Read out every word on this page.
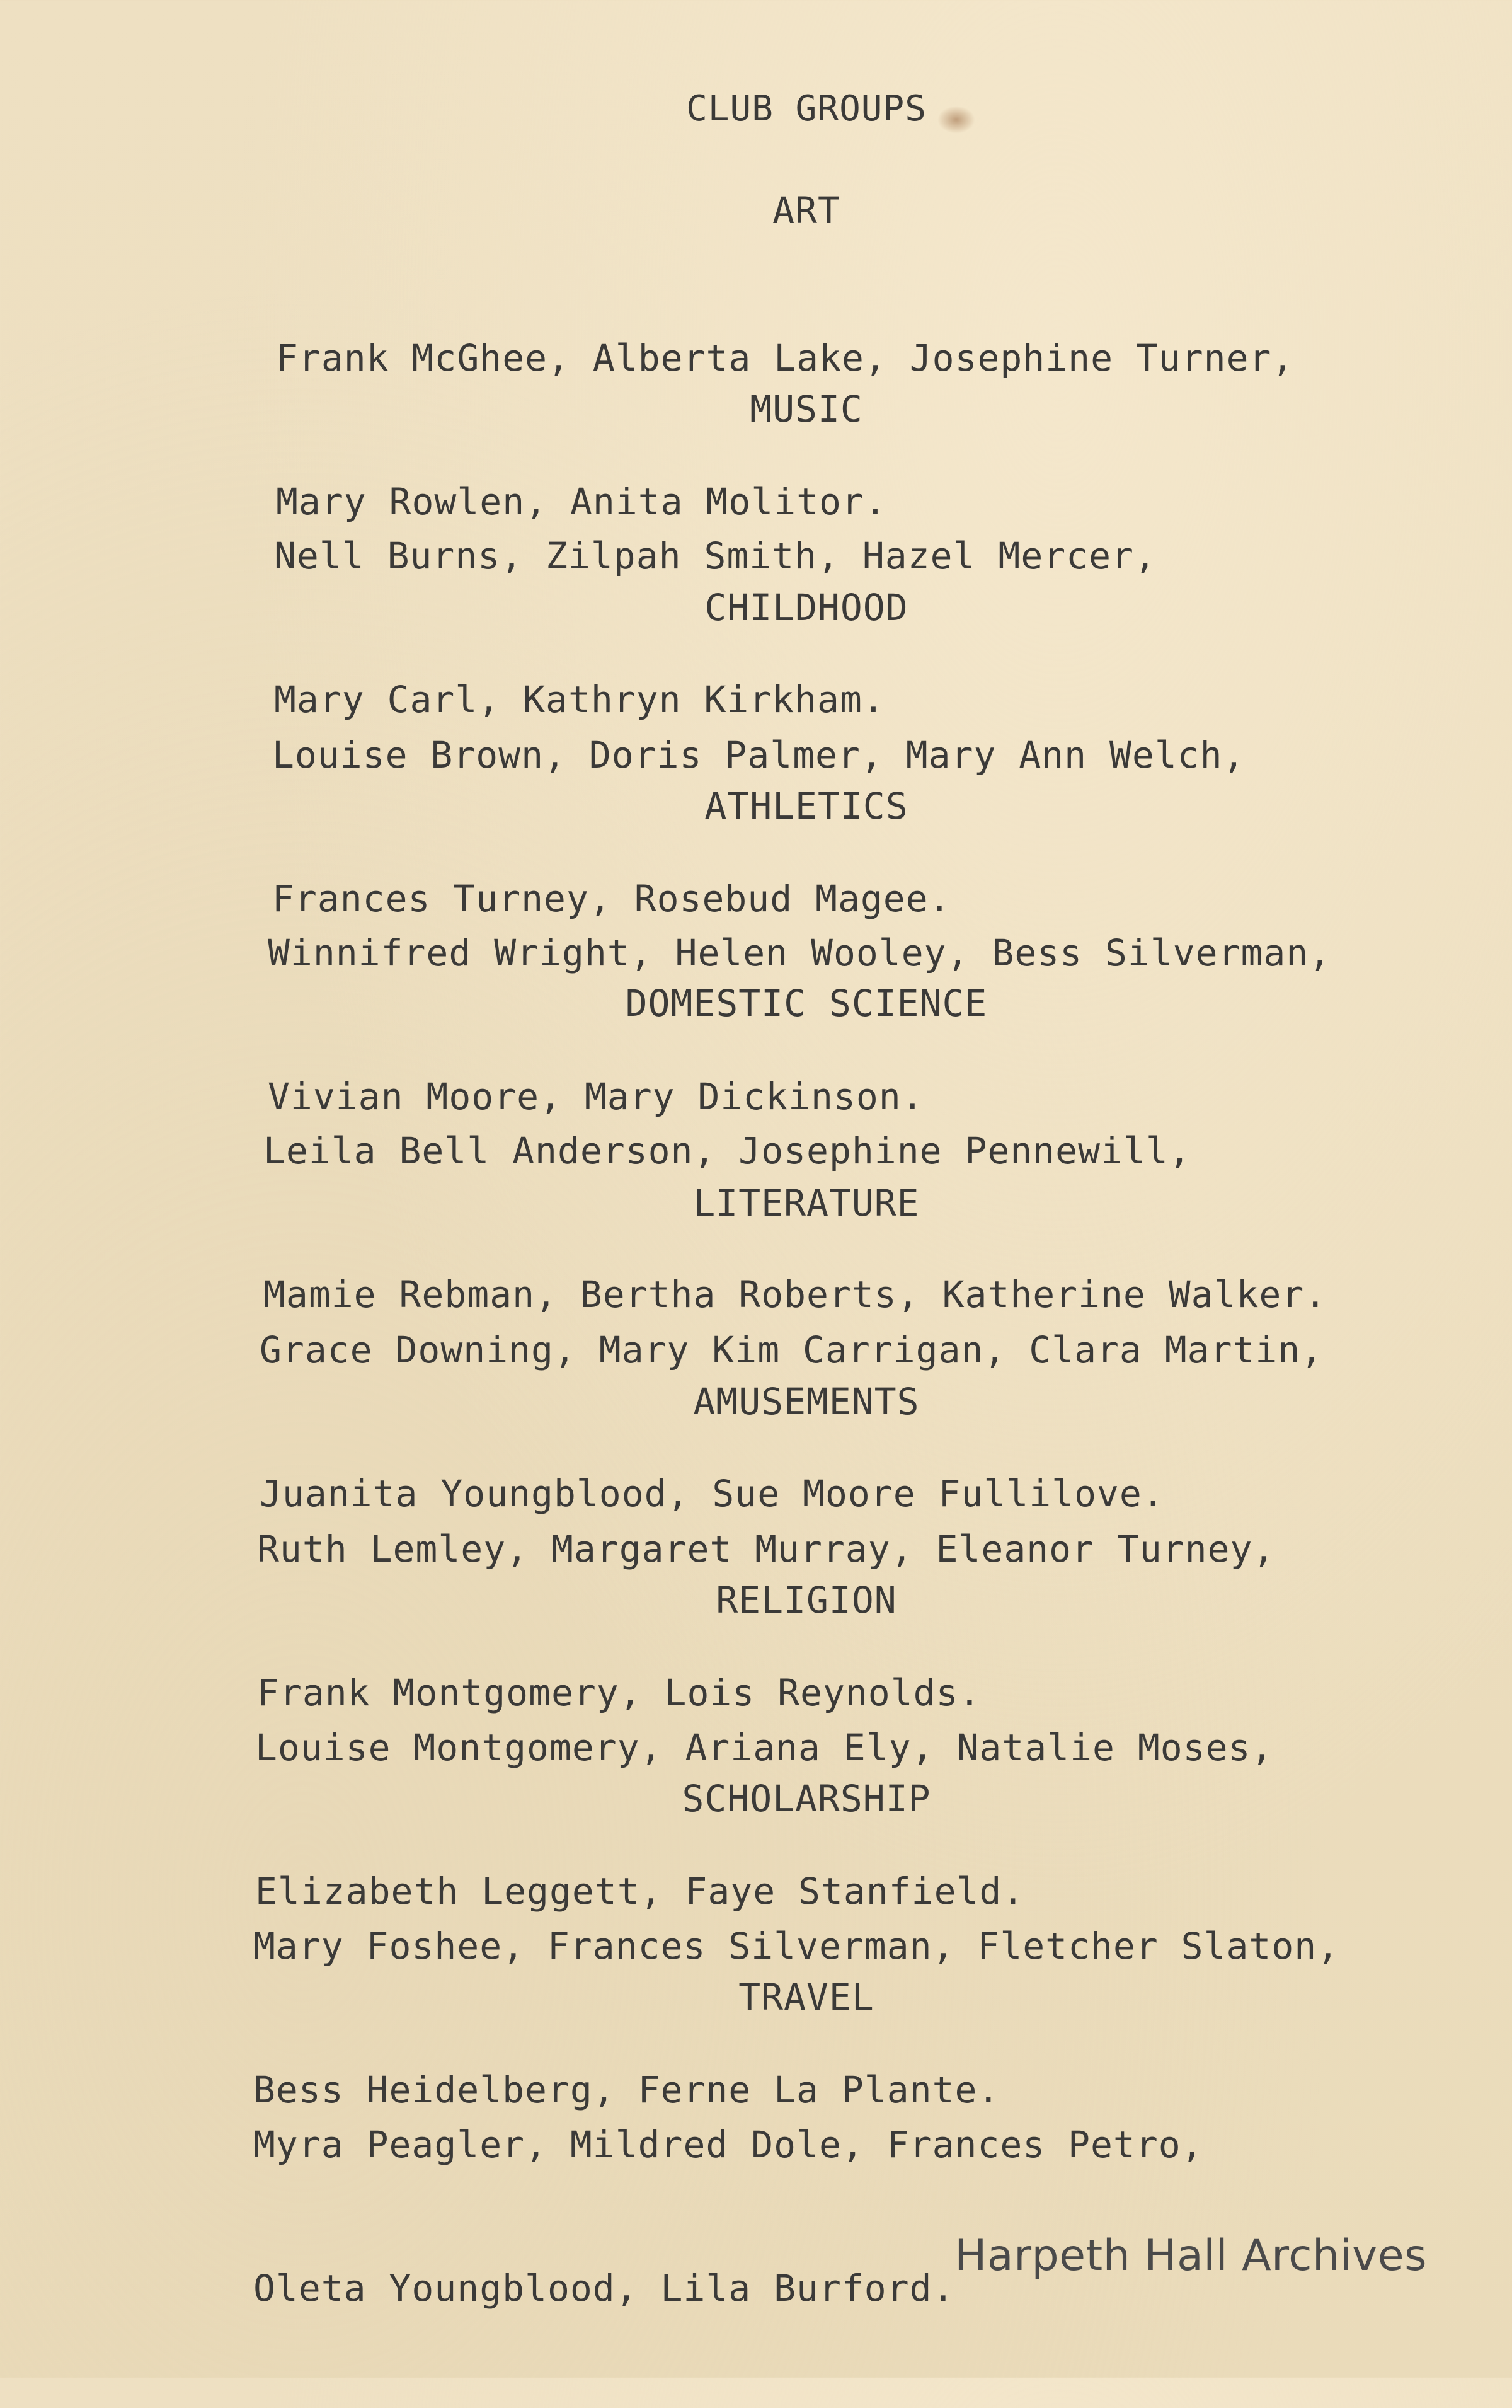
CLUB GROUPS
ART

Frank McGhee, Alberta Lake, Josephine Turner,

Mary Rowlen, Anita Molitor.

MUSIC

Nell Burns, Zilpah Smith, Hazel Mercer,

Mary Carl, Kathryn Kirkham.

CHILDHOOD

Louise Brown, Doris Palmer, Mary Ann Welch,

Frances Turney, Rosebud Magee.

ATHLETICS

Winnifred Wright, Helen Wooley, Bess Silverman,

Vivian Moore, Mary Dickinson.

DOMESTIC SCIENCE

Leila Bell Anderson, Josephine Pennewill,

Mamie Rebman, Bertha Roberts, Katherine Walker.

LITERATURE

Grace Downing, Mary Kim Carrigan, Clara Martin,

Juanita Youngblood, Sue Moore Fullilove.

AMUSEMENTS

Ruth Lemley, Margaret Murray, Eleanor Turney,

Frank Montgomery, Lois Reynolds.

RELIGION

Louise Montgomery, Ariana Ely, Natalie Moses,

Elizabeth Leggett, Faye Stanfield.

SCHOLARSHIP

Mary Foshee, Frances Silverman, Fletcher Slaton,

Bess Heidelberg, Ferne La Plante.

TRAVEL

Myra Peagler, Mildred Dole, Frances Petro,

Oleta Youngblood, Lila Burford.

Harpeth Hall Archives
